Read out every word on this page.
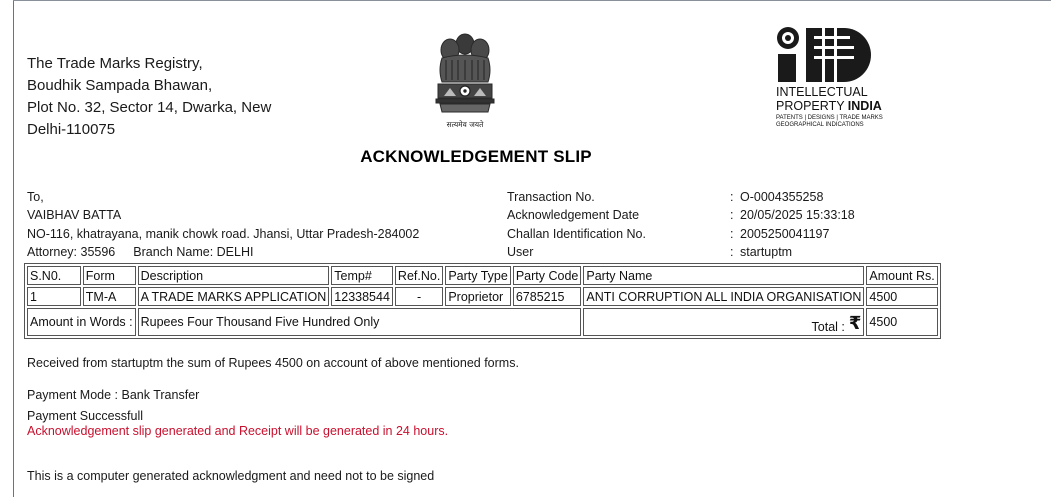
The Trade Marks Registry,
Boudhik Sampada Bhawan,
Plot No. 32, Sector 14, Dwarka, New
Delhi-110075	सत्यमेव जयते
INTELLECTUAL
PROPERTY INDIA
PATENTS | DESIGNS | TRADE MARKS
GEOGRAPHICAL INDICATIONS
ACKNOWLEDGEMENT SLIP
To,
VAIBHAV BATTA
NO-116, khatrayana, manik chowk road. Jhansi, Uttar Pradesh-284002
Attorney: 35596 Branch Name: DELHI
Transaction No.	: O-0004355258
Acknowledgement Date	: 20/05/2025 15:33:18
Challan Identification No.	: 2005250041197
User	: startuptm
S.N0.	Form	Description	Temp#	Ref.No.	Party Type	Party Code	Party Name	Amount Rs.
1	TM-A	A TRADE MARKS APPLICATION	12338544	-	Proprietor	6785215	ANTI CORRUPTION ALL INDIA ORGANISATION	4500
Amount in Words :		Rupees Four Thousand Five Hundred Only					Total : ₹	4500
Received from startuptm the sum of Rupees 4500 on account of above mentioned forms.
Payment Mode : Bank Transfer
Payment Successfull
Acknowledgement slip generated and Receipt will be generated in 24 hours.
This is a computer generated acknowledgment and need not to be signed
